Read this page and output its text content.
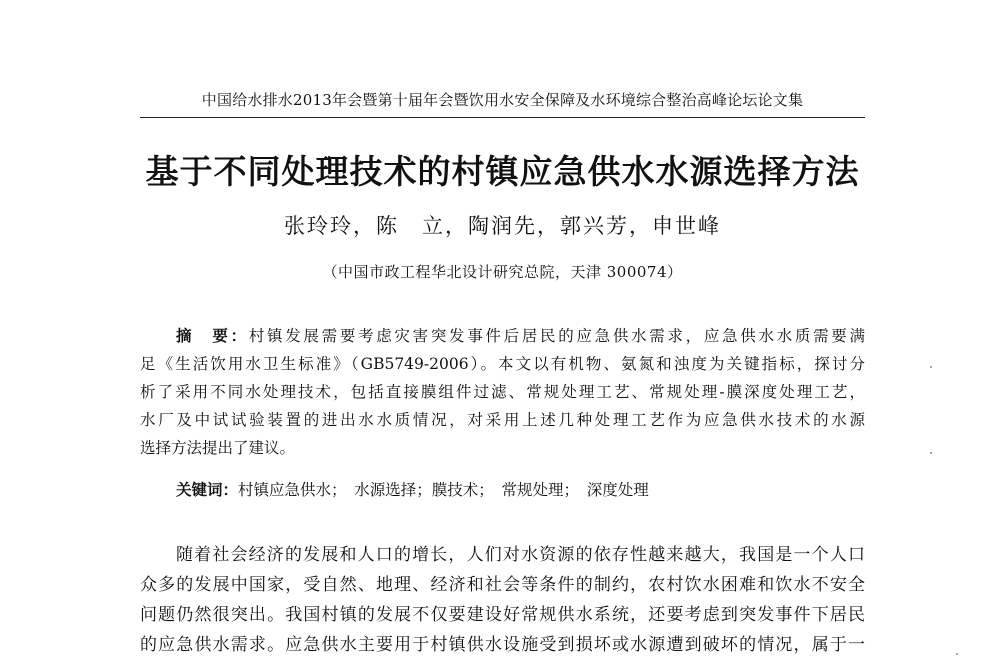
中国给水排水2013年会暨第十届年会暨饮用水安全保障及水环境综合整治高峰论坛论文集
基于不同处理技术的村镇应急供水水源选择方法
张玲玲，陈　立，陶润先，郭兴芳，申世峰
（中国市政工程华北设计研究总院，天津 300074）
摘　要：村镇发展需要考虑灾害突发事件后居民的应急供水需求，应急供水水质需要满
足《生活饮用水卫生标准》（GB5749-2006）。本文以有机物、氨氮和浊度为关键指标，探讨分
析了采用不同水处理技术，包括直接膜组件过滤、常规处理工艺、常规处理-膜深度处理工艺，
水厂及中试试验装置的进出水水质情况，对采用上述几种处理工艺作为应急供水技术的水源
选择方法提出了建议。
关键词：村镇应急供水；　水源选择；膜技术；　常规处理；　深度处理
随着社会经济的发展和人口的增长，人们对水资源的依存性越来越大，我国是一个人口
众多的发展中国家，受自然、地理、经济和社会等条件的制约，农村饮水困难和饮水不安全
问题仍然很突出。我国村镇的发展不仅要建设好常规供水系统，还要考虑到突发事件下居民
的应急供水需求。应急供水主要用于村镇供水设施受到损坏或水源遭到破坏的情况，属于一
